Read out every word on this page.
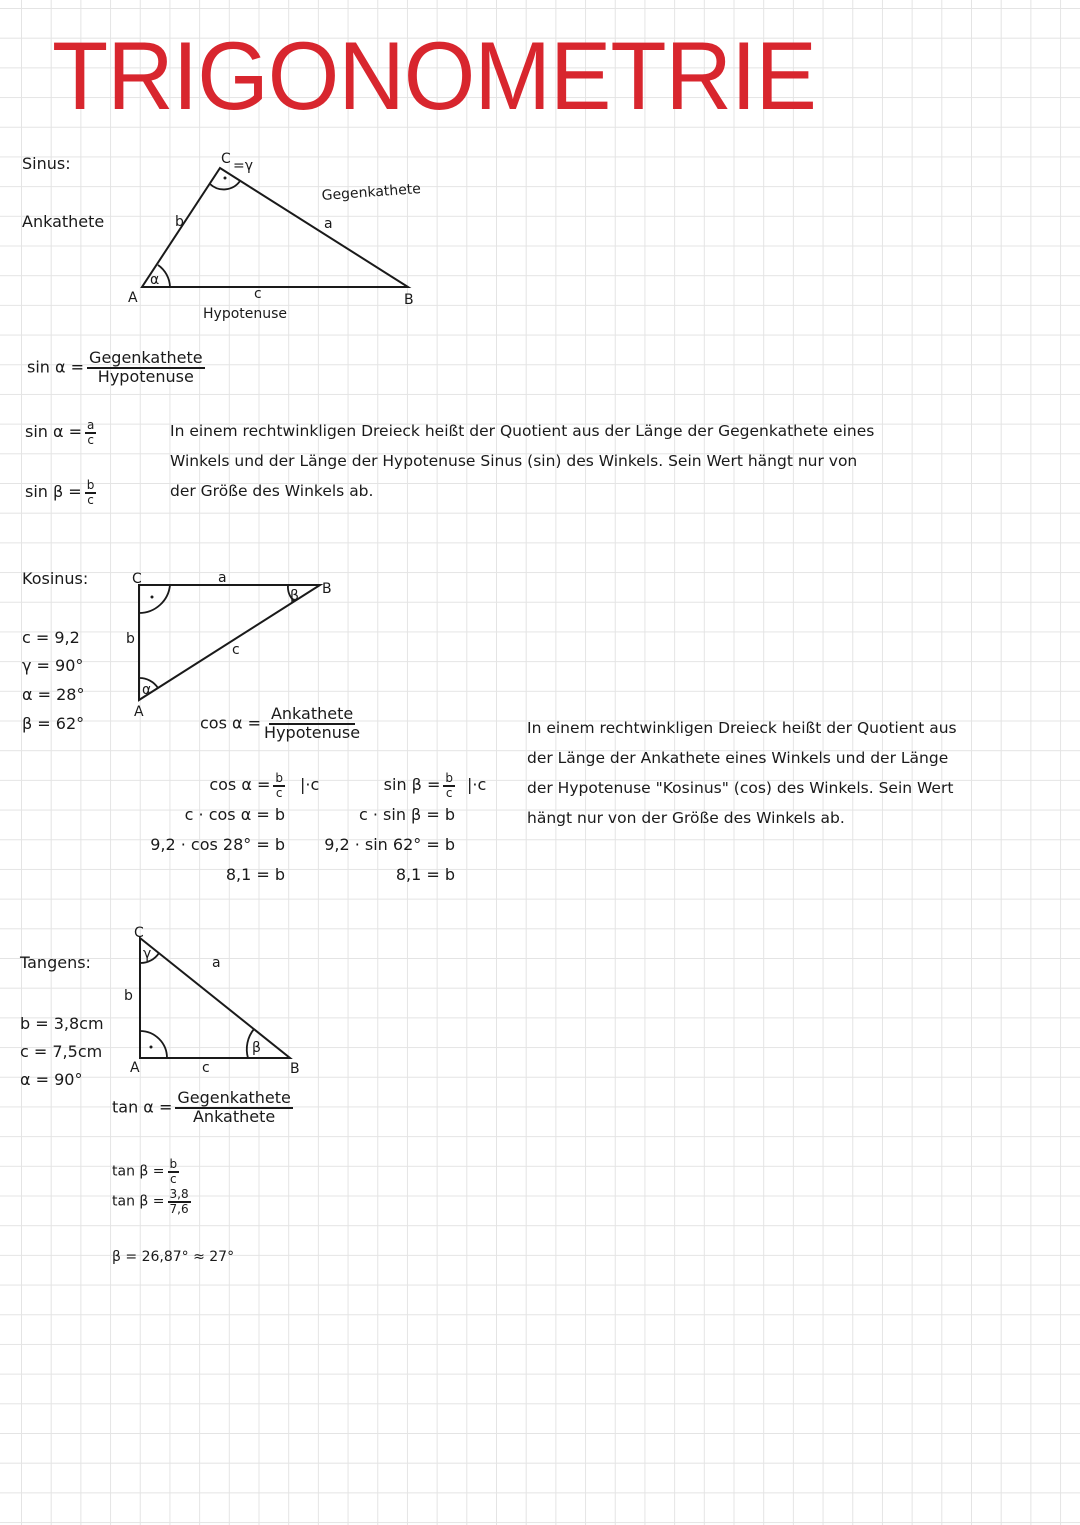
TRIGONOMETRIE
Sinus:
Ankathete
C =γ
b	a
Gegenkathete
α
A	B
c
Hypotenuse
$\sin \alpha = \frac{\text{Gegenkathete}}{\text{Hypotenuse}}$
$\sin \alpha = \frac{a}{c}$
$\sin \beta = \frac{b}{c}$
In einem rechtwinkligen Dreieck heißt der Quotient aus der Länge der Gegenkathete eines
Winkels und der Länge der Hypotenuse Sinus (sin) des Winkels. Sein Wert hängt nur von
der Größe des Winkels ab.
Kosinus:
c = 9,2
γ = 90°
α = 28°
β = 62°
C	a
B
β
b
c
α
A
$\cos \alpha = \frac{\text{Ankathete}}{\text{Hypotenuse}}$
$\cos \alpha = \frac{b}{c}$
c · cos α = b
9,2 · cos 28° = b
8,1 = b
|·c	$\sin \beta = \frac{b}{c}$
c · sin β = b
9,2 · sin 62° = b
8,1 = b
|·c
In einem rechtwinkligen Dreieck heißt der Quotient aus
der Länge der Ankathete eines Winkels und der Länge
der Hypotenuse "Kosinus" (cos) des Winkels. Sein Wert
hängt nur von der Größe des Winkels ab.
Tangens:
b = 3,8cm
c = 7,5cm
α = 90°
C
γ
a
b
β
A	c	B
$\tan \alpha = \frac{\text{Gegenkathete}}{\text{Ankathete}}$
$\tan \beta = \frac{b}{c}$
$\tan \beta = \frac{3,8}{7,6}$
β = 26,87° ≈ 27°
